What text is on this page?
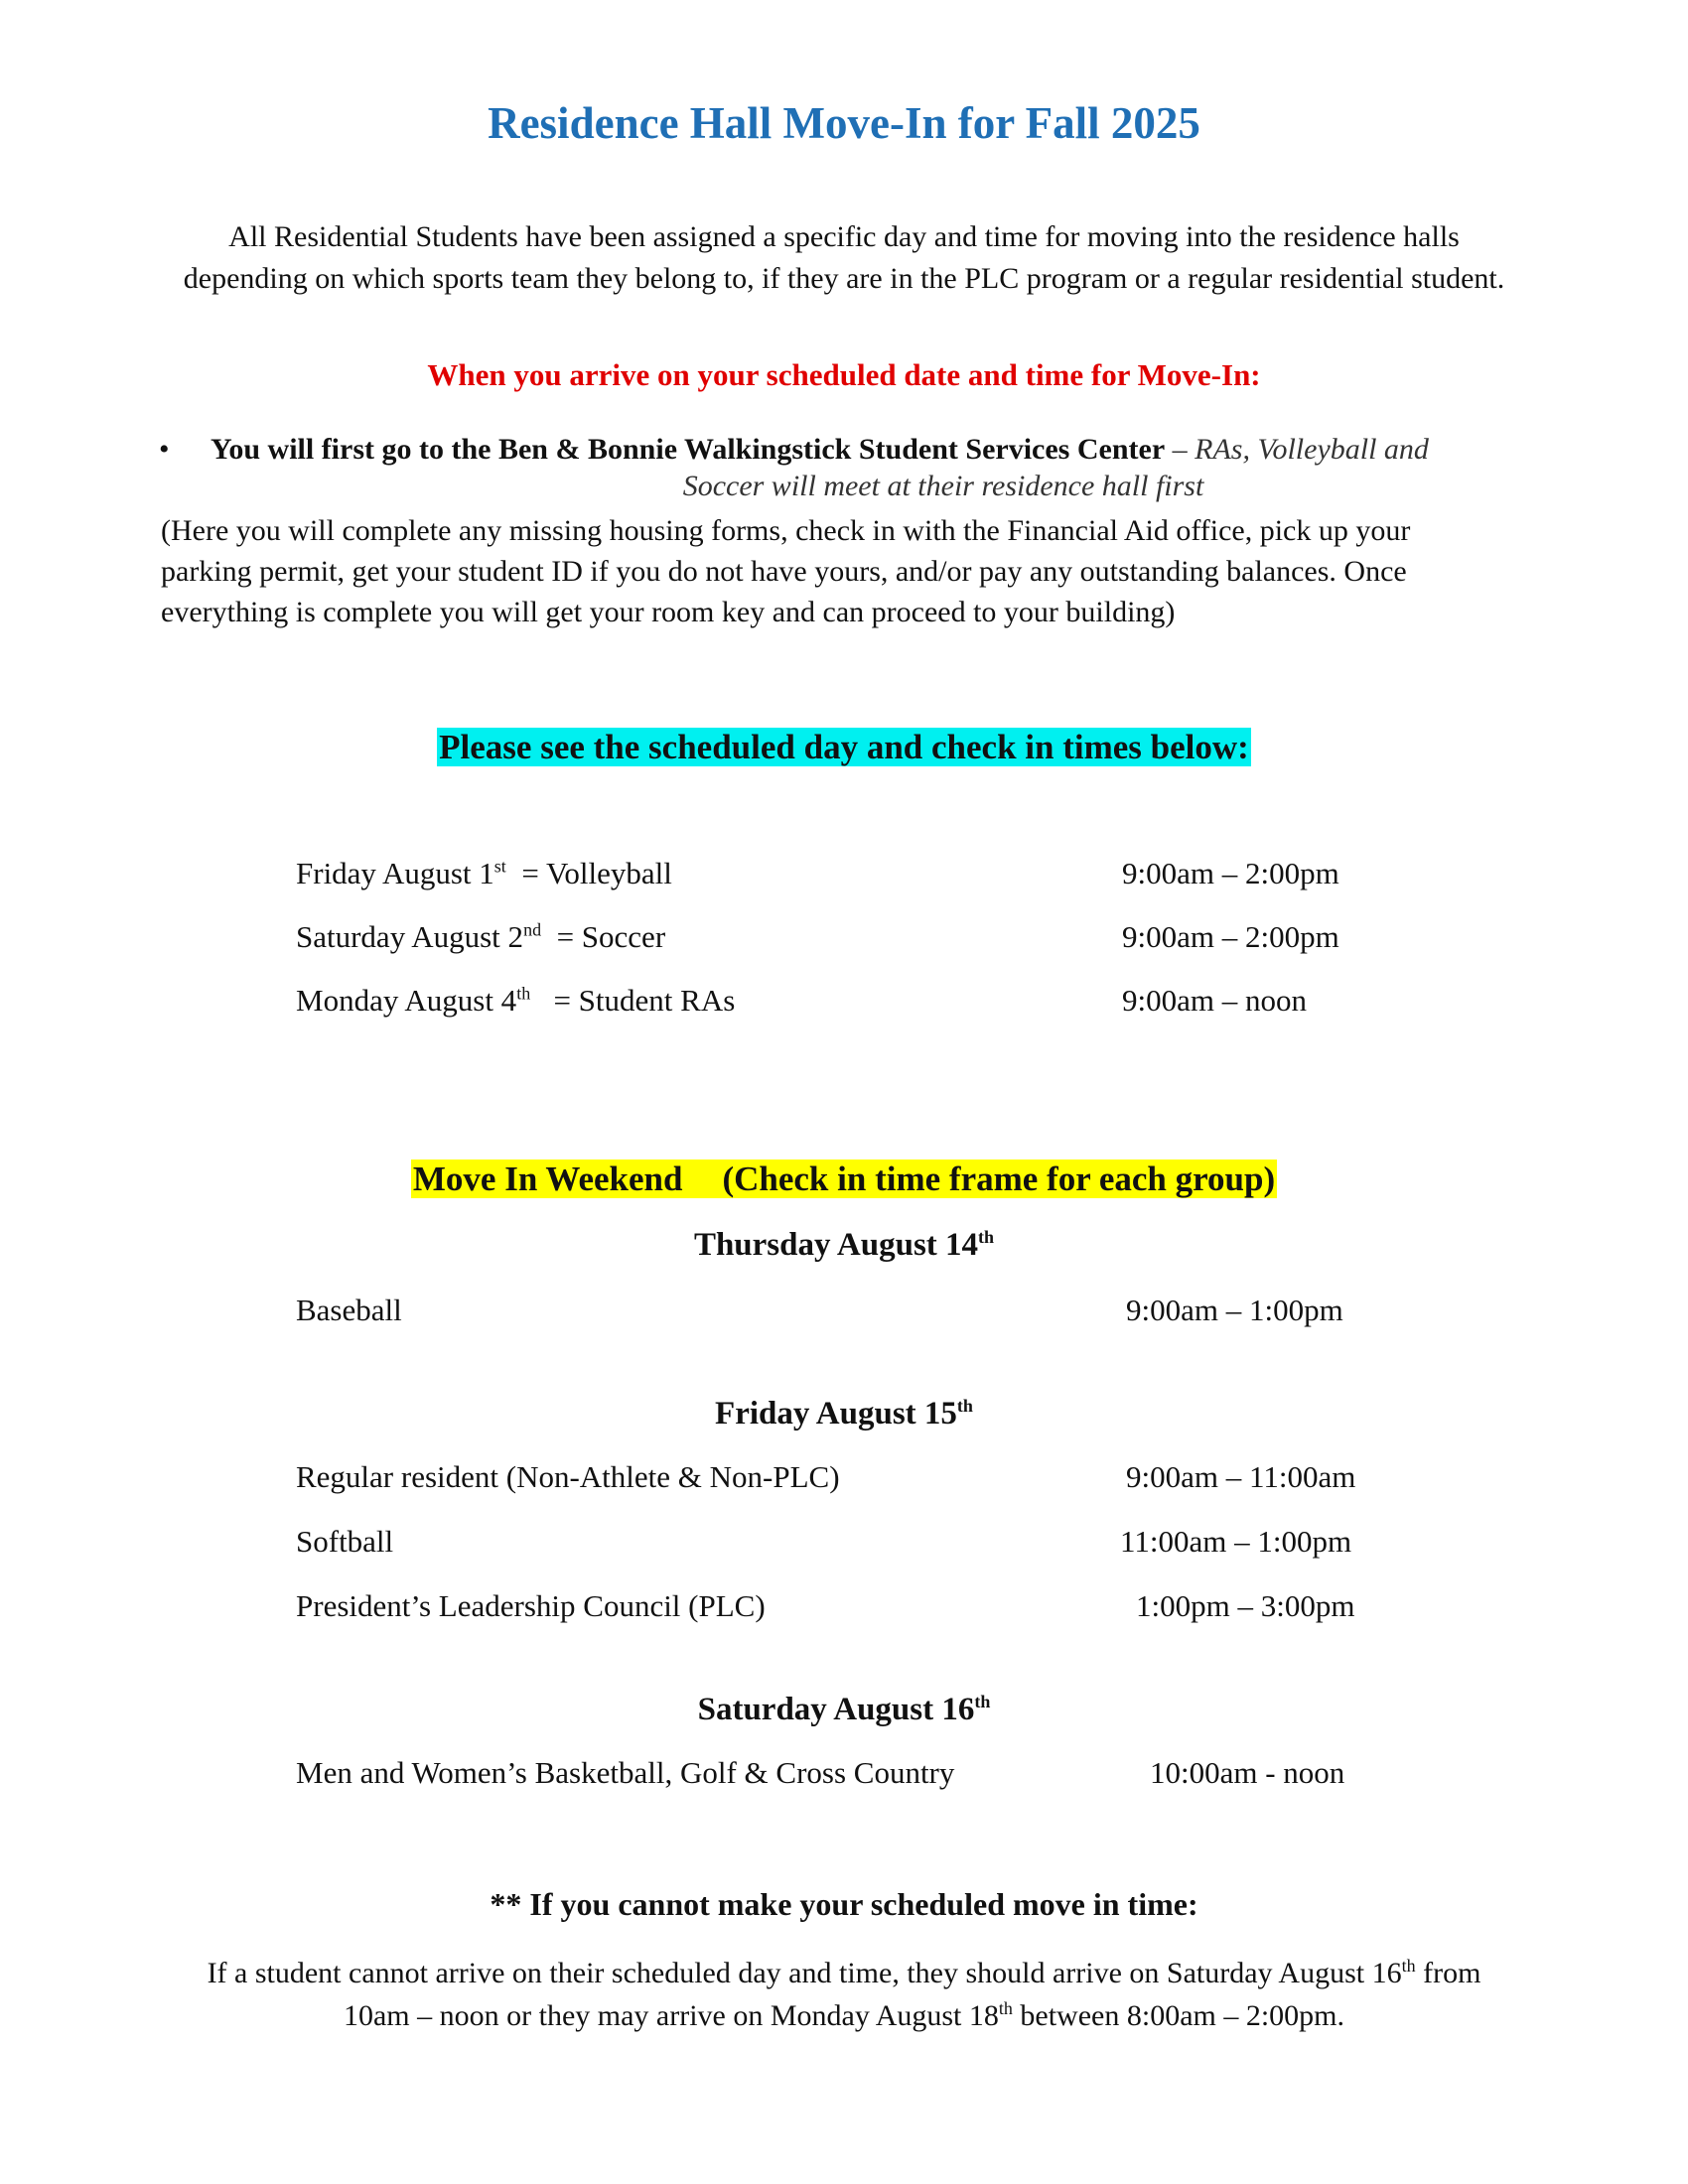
Residence Hall Move-In for Fall 2025
All Residential Students have been assigned a specific day and time for moving into the residence halls
depending on which sports team they belong to, if they are in the PLC program or a regular residential student.
When you arrive on your scheduled date and time for Move-In:
• You will first go to the Ben & Bonnie Walkingstick Student Services Center – RAs, Volleyball and
Soccer will meet at their residence hall first
(Here you will complete any missing housing forms, check in with the Financial Aid office, pick up your
parking permit, get your student ID if you do not have yours, and/or pay any outstanding balances. Once
everything is complete you will get your room key and can proceed to your building)
Please see the scheduled day and check in times below:
Friday August 1st  = Volleyball	9:00am – 2:00pm
Saturday August 2nd  = Soccer	9:00am – 2:00pm
Monday August 4th   = Student RAs	9:00am – noon
Move In Weekend (Check in time frame for each group)
Thursday August 14th
Baseball	9:00am – 1:00pm
Friday August 15th
Regular resident (Non-Athlete & Non-PLC)	9:00am – 11:00am
Softball	11:00am – 1:00pm
President’s Leadership Council (PLC)	1:00pm – 3:00pm
Saturday August 16th
Men and Women’s Basketball, Golf & Cross Country	10:00am - noon
** If you cannot make your scheduled move in time:
If a student cannot arrive on their scheduled day and time, they should arrive on Saturday August 16th from
10am – noon or they may arrive on Monday August 18th between 8:00am – 2:00pm.
